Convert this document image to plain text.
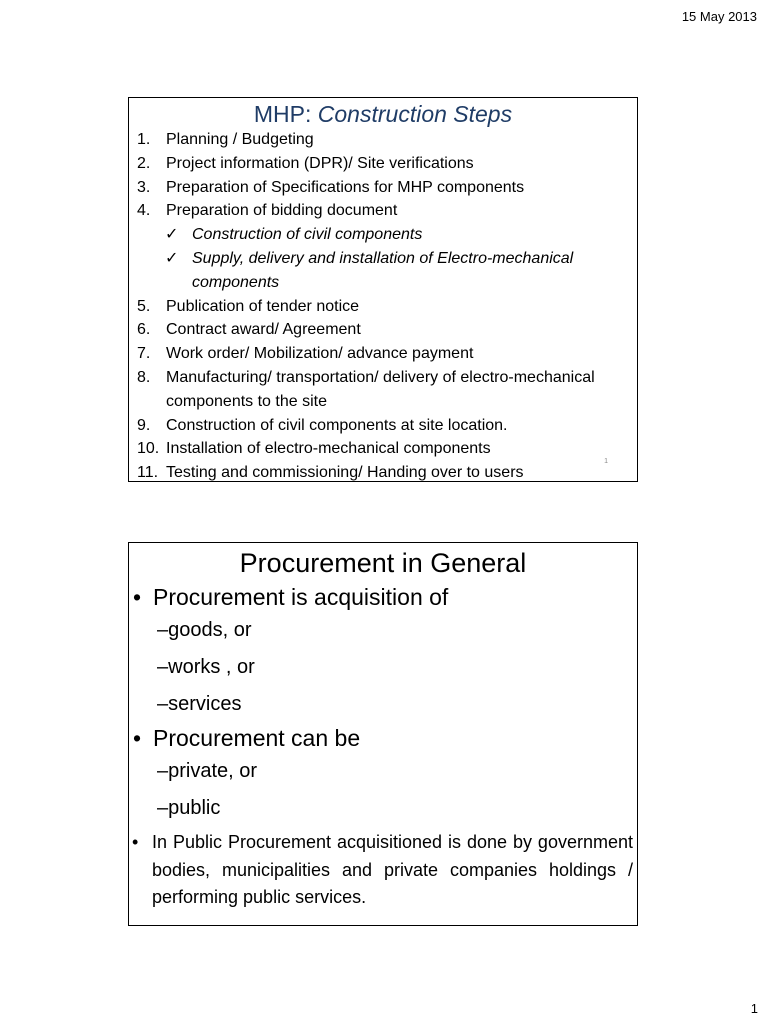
15 May 2013
MHP: Construction Steps
1. Planning / Budgeting
2. Project information (DPR)/ Site verifications
3. Preparation of Specifications for MHP components
4. Preparation of bidding document
✓ Construction of civil components
✓ Supply, delivery and installation of Electro-mechanical components
5. Publication of tender notice
6. Contract award/ Agreement
7. Work order/ Mobilization/ advance payment
8. Manufacturing/ transportation/ delivery of electro-mechanical components to the site
9. Construction of civil components at site location.
10. Installation of electro-mechanical components
11. Testing and commissioning/ Handing over to users
1
Procurement in General
• Procurement is acquisition of
–goods, or
–works , or
–services
• Procurement can be
–private, or
–public
• In Public Procurement acquisitioned is done by government bodies, municipalities and private companies holdings / performing public services.
1
